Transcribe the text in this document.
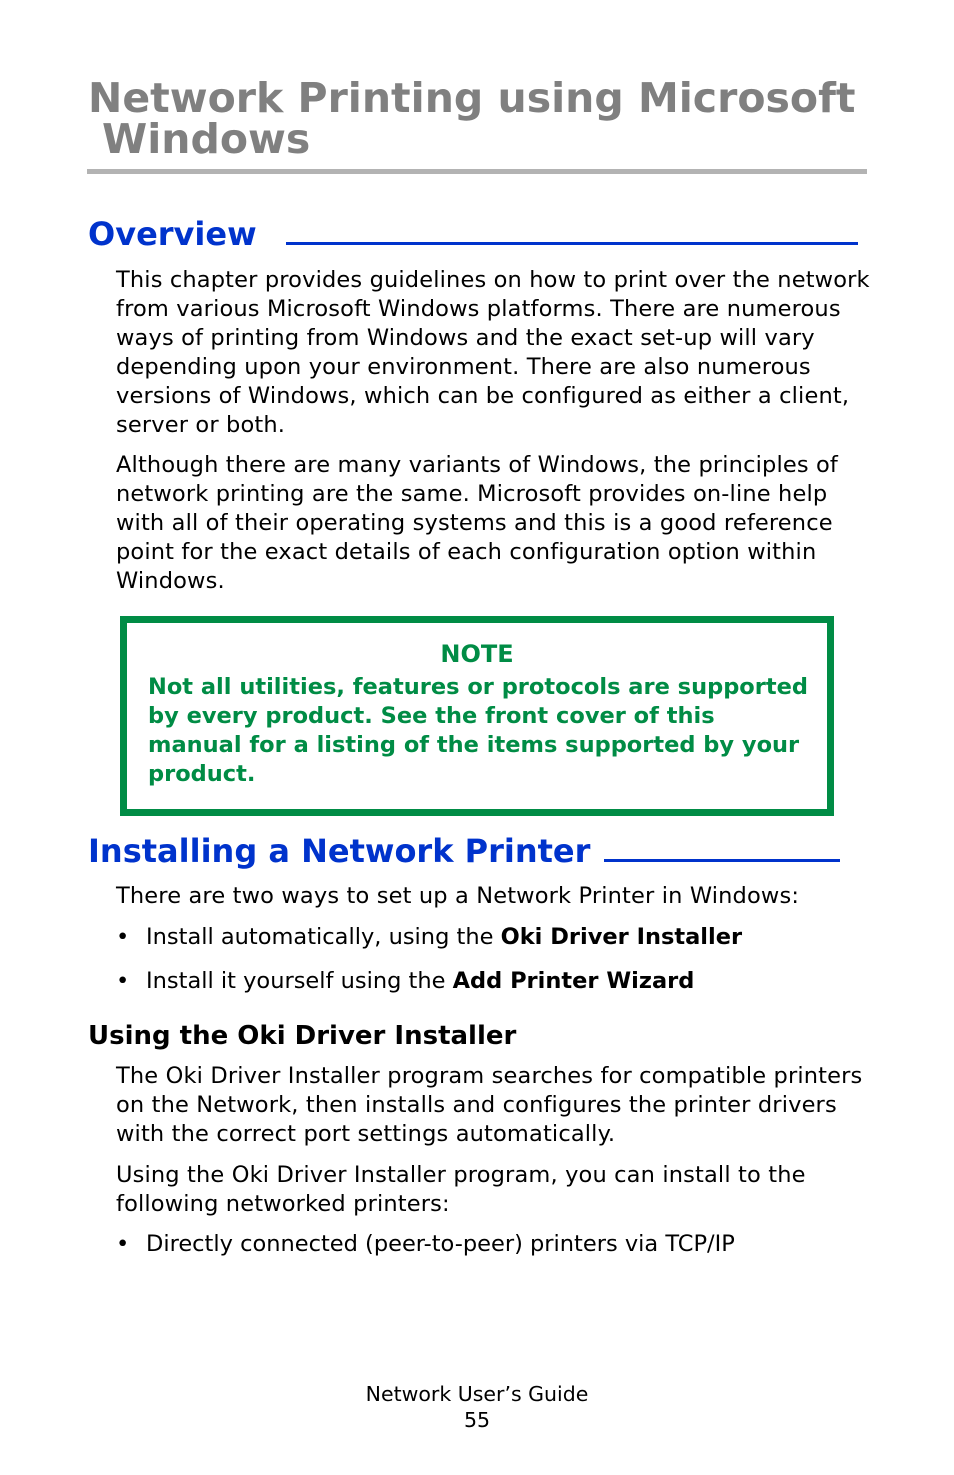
Network Printing using Microsoft
Windows
Overview

This chapter provides guidelines on how to print over the network from various Microsoft Windows platforms. There are numerous ways of printing from Windows and the exact set-up will vary depending upon your environment. There are also numerous versions of Windows, which can be configured as either a client, server or both.

Although there are many variants of Windows, the principles of network printing are the same. Microsoft provides on-line help with all of their operating systems and this is a good reference point for the exact details of each configuration option within Windows.

NOTE
Not all utilities, features or protocols are supported by every product. See the front cover of this manual for a listing of the items supported by your product.
Installing a Network Printer

There are two ways to set up a Network Printer in Windows:

• Install automatically, using the Oki Driver Installer
• Install it yourself using the Add Printer Wizard
Using the Oki Driver Installer

The Oki Driver Installer program searches for compatible printers on the Network, then installs and configures the printer drivers with the correct port settings automatically.

Using the Oki Driver Installer program, you can install to the following networked printers:

• Directly connected (peer-to-peer) printers via TCP/IP
Network User’s Guide
55
